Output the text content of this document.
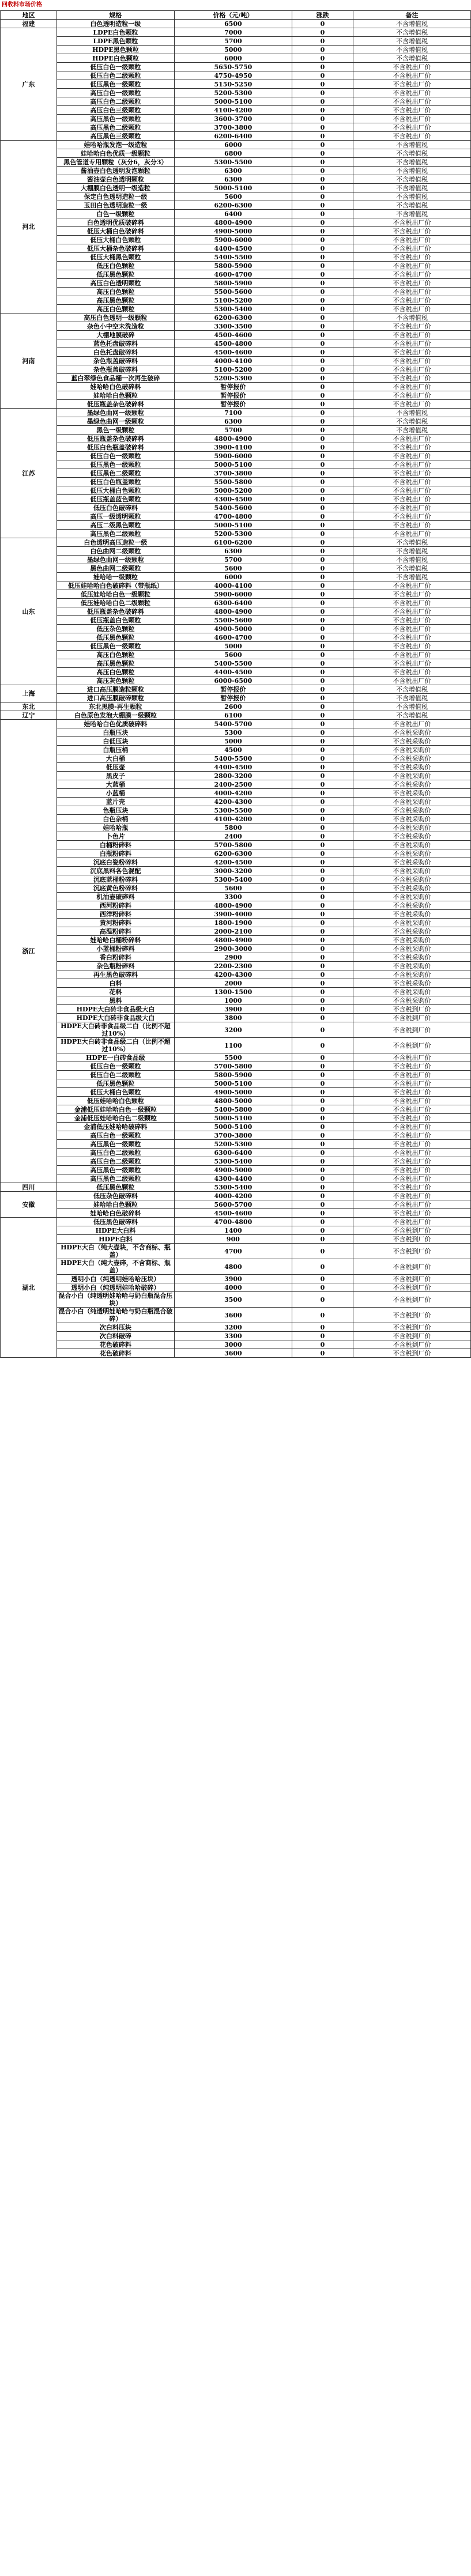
回收料市场价格
地区	规格	价格（元/吨）	涨跌	备注
福建	白色透明造粒一级	6500	0	不含增值税
广东	LDPE白色颗粒	7000	0	不含增值税
	LDPE黑色颗粒	5700	0	不含增值税
	HDPE黑色颗粒	5000	0	不含增值税
	HDPE白色颗粒	6000	0	不含增值税
	低压白色一级颗粒	5650-5750	0	不含税出厂价
	低压白色二级颗粒	4750-4950	0	不含税出厂价
	低压黑色一级颗粒	5150-5250	0	不含税出厂价
	高压白色一级颗粒	5200-5300	0	不含税出厂价
	高压白色二级颗粒	5000-5100	0	不含税出厂价
	高压白色三级颗粒	4100-4200	0	不含税出厂价
	高压黑色一级颗粒	3600-3700	0	不含税出厂价
	高压黑色二级颗粒	3700-3800	0	不含税出厂价
	高压黑色三级颗粒	6200-6400	0	不含税出厂价
河北	娃哈哈瓶发泡一级造粒	6000	0	不含增值税
	娃哈哈白色优质一级颗粒	6800	0	不含增值税
	黑色管道专用颗粒（灰分6，灰分3）	5300-5500	0	不含增值税
	酱油壶白色透明发泡颗粒	6300	0	不含增值税
	酱油壶白色透明颗粒	6300	0	不含增值税
	大棚膜白色透明一级造粒	5000-5100	0	不含增值税
	保定白色透明造粒一级	5600	0	不含增值税
	玉田白色透明造粒一级	6200-6300	0	不含增值税
	白色一级颗粒	6400	0	不含增值税
	白色透明优质破碎料	4800-4900	0	不含税出厂价
	低压大桶白色破碎料	4900-5000	0	不含税出厂价
	低压大桶白色颗粒	5900-6000	0	不含税出厂价
	低压大桶杂色破碎料	4400-4500	0	不含税出厂价
	低压大桶黑色颗粒	5400-5500	0	不含税出厂价
	低压白色颗粒	5800-5900	0	不含税出厂价
	低压黑色颗粒	4600-4700	0	不含税出厂价
	高压白色透明颗粒	5800-5900	0	不含税出厂价
	高压白色颗粒	5500-5600	0	不含税出厂价
	高压黑色颗粒	5100-5200	0	不含税出厂价
	高压白色颗粒	5300-5400	0	不含税出厂价
河南	高压白色透明一级颗粒	6200-6300	0	不含增值税
	杂色小中空未洗造粒	3300-3500	0	不含税出厂价
	大棚地膜破碎	4500-4600	0	不含税出厂价
	蓝色托盘破碎料	4500-4800	0	不含税出厂价
	白色托盘破碎料	4500-4600	0	不含税出厂价
	杂色瓶盖破碎料	4000-4100	0	不含税出厂价
	杂色瓶盖破碎料	5100-5200	0	不含税出厂价
	蓝白翠绿色食品桶一次再生破碎	5200-5300	0	不含税出厂价
	娃哈哈白色破碎料	暂停报价	0	不含税出厂价
	娃哈哈白色颗粒	暂停报价	0	不含税出厂价
	低压瓶盖杂色破碎料	暂停报价	0	不含税出厂价
江苏	墨绿色曲网一级颗粒	7100	0	不含增值税
	墨绿色曲网一级颗粒	6300	0	不含增值税
	黑色一级颗粒	5700	0	不含增值税
	低压瓶盖杂色破碎料	4800-4900	0	不含税出厂价
	低压白色瓶盖破碎料	3900-4100	0	不含税出厂价
	低压白色一级颗粒	5900-6000	0	不含税出厂价
	低压黑色一级颗粒	5000-5100	0	不含税出厂价
	低压黑色二级颗粒	3700-3800	0	不含税出厂价
	低压白色瓶盖颗粒	5500-5800	0	不含税出厂价
	低压大桶白色颗粒	5000-5200	0	不含税出厂价
	低压瓶盖蓝色颗粒	4300-4500	0	不含税出厂价
	低压白色破碎料	5400-5600	0	不含税出厂价
	高压一级透明颗粒	4700-4800	0	不含税出厂价
	高压二级黑色颗粒	5000-5100	0	不含税出厂价
	高压黑色二级颗粒	5200-5300	0	不含税出厂价
山东	白色透明高压造粒一级	6100-6200	0	不含增值税
	白色曲网二级颗粒	6300	0	不含增值税
	墨绿色曲网一级颗粒	5700	0	不含增值税
	黑色曲网二级颗粒	5600	0	不含增值税
	娃哈哈一级颗粒	6000	0	不含增值税
	低压娃哈哈白色破碎料（带瓶纸）	4000-4100	0	不含税出厂价
	低压娃哈哈白色一级颗粒	5900-6000	0	不含税出厂价
	低压娃哈哈白色二级颗粒	6300-6400	0	不含税出厂价
	低压瓶盖杂色破碎料	4800-4900	0	不含税出厂价
	低压瓶盖白色颗粒	5500-5600	0	不含税出厂价
	低压杂色颗粒	4900-5000	0	不含税出厂价
	低压黑色颗粒	4600-4700	0	不含税出厂价
	低压黑色一级颗粒	5000	0	不含税出厂价
	高压白色颗粒	5600	0	不含税出厂价
	高压黑色颗粒	5400-5500	0	不含税出厂价
	高压白色颗粒	4400-4500	0	不含税出厂价
	高压灰色颗粒	6000-6500	0	不含税出厂价
上海	进口高压膜造粒颗粒	暂停报价	0	不含增值税
	进口高压膜破碎颗粒	暂停报价	0	不含增值税
东北	东北黑膜-再生颗粒	2600	0	不含增值税
辽宁	白色原色发泡大棚膜一级颗粒	6100	0	不含增值税
浙江	娃哈哈白色优质破碎料	5400-5700	0	不含税出厂价
	白瓶压块	5300	0	不含税采购价
	白低压块	5000	0	不含税采购价
	白瓶压桶	4500	0	不含税采购价
	大白桶	5400-5500	0	不含税采购价
	低压壶	4400-4500	0	不含税采购价
	黑皮子	2800-3200	0	不含税采购价
	大蓝桶	2400-2500	0	不含税采购价
	小蓝桶	4000-4200	0	不含税采购价
	蓝片壳	4200-4300	0	不含税采购价
	色瓶压块	5300-5500	0	不含税采购价
	白色杂桶	4100-4200	0	不含税采购价
	娃哈哈瓶	5800	0	不含税采购价
	卜色片	2400	0	不含税采购价
	白桶粉碎料	5700-5800	0	不含税采购价
	白瓶粉碎料	6200-6300	0	不含税采购价
	沉底白瓷粉碎料	4200-4500	0	不含税采购价
	沉底黑料各色混配	3000-3200	0	不含税采购价
	沉底蓝桶粉碎料	5300-5400	0	不含税采购价
	沉底黄色粉碎料	5600	0	不含税采购价
	机油壶破碎料	3300	0	不含税采购价
	西河粉碎料	4800-4900	0	不含税采购价
	西洋粉碎料	3900-4000	0	不含税采购价
	黄河粉碎料	1800-1900	0	不含税采购价
	高温粉碎料	2000-2100	0	不含税采购价
	娃哈哈白桶粉碎料	4800-4900	0	不含税采购价
	小蓝桶粉碎料	2900-3000	0	不含税采购价
	香白粉碎料	2900	0	不含税采购价
	杂色瓶粉碎料	2200-2300	0	不含税采购价
	再生黑色破碎料	4200-4300	0	不含税采购价
	白料	2000	0	不含税采购价
	花料	1300-1500	0	不含税采购价
	黑料	1000	0	不含税采购价
	HDPE大白砖非食品级大白	3900	0	不含税到厂价
	HDPE大白砖非食品级大白	3800	0	不含税到厂价
	HDPE大白砖非食品级二白（比例不超过10%）	3200	0	不含税到厂价
	HDPE大白砖非食品级二白（比例不超过10%）	1100	0	不含税到厂价
	HDPE一白砖食品级	5500	0	不含税出厂价
	低压白色一级颗粒	5700-5800	0	不含税出厂价
	低压白色二级颗粒	5800-5900	0	不含税出厂价
	低压黑色颗粒	5000-5100	0	不含税出厂价
	低压大桶白色颗粒	4900-5000	0	不含税出厂价
	低压娃哈哈白色颗粒	4800-5000	0	不含税出厂价
	金浦低压娃哈哈白色一级颗粒	5400-5800	0	不含税出厂价
	金浦低压娃哈哈白色二级颗粒	5000-5100	0	不含税出厂价
	金浦低压娃哈哈破碎料	5000-5100	0	不含税出厂价
	高压白色一级颗粒	3700-3800	0	不含税出厂价
	高压黑色一级颗粒	5200-5300	0	不含税出厂价
	高压白色二级颗粒	6300-6400	0	不含税出厂价
	高压白色二级颗粒	5300-5400	0	不含税出厂价
	高压黑色一级颗粒	4900-5000	0	不含税出厂价
	高压黑色二级颗粒	4300-4400	0	不含税出厂价
四川	低压黑色颗粒	5300-5400	0	不含税出厂价
安徽	低压杂色破碎料	4000-4200	0	不含税出厂价
	娃哈哈白色颗粒	5600-5700	0	不含税出厂价
	娃哈哈白色破碎料	4500-4600	0	不含税出厂价
湖北	低压黑色破碎料	4700-4800	0	不含税出厂价
	HDPE大白料	1400	0	不含税到厂价
	HDPE白料	900	0	不含税到厂价
	HDPE大白（纯大壶块，不含商标、瓶盖）	4700	0	不含税到厂价
	HDPE大白（纯大壶碎，不含商标、瓶盖）	4800	0	不含税到厂价
	透明小白（纯透明娃哈哈压块）	3900	0	不含税到厂价
	透明小白（纯透明娃哈哈破碎）	4000	0	不含税到厂价
	混合小白（纯透明娃哈哈与奶白瓶混合压块）	3500	0	不含税到厂价
	混合小白（纯透明娃哈哈与奶白瓶混合破碎）	3600	0	不含税到厂价
	次白料压块	3200	0	不含税到厂价
	次白料破碎	3300	0	不含税到厂价
	花色破碎料	3000	0	不含税到厂价
	花色破碎料	3600	0	不含税到厂价
